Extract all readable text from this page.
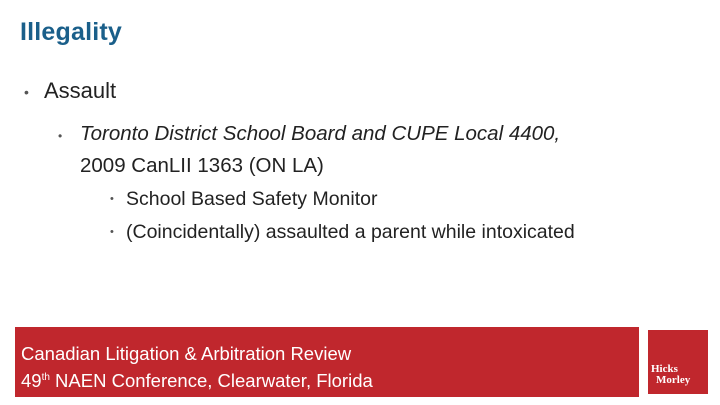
Illegality
• Assault
• Toronto District School Board and CUPE Local 4400,
2009 CanLII 1363 (ON LA)
• School Based Safety Monitor
• (Coincidentally) assaulted a parent while intoxicated
Canadian Litigation & Arbitration Review
49th NAEN Conference, Clearwater, Florida
Hicks
Morley
